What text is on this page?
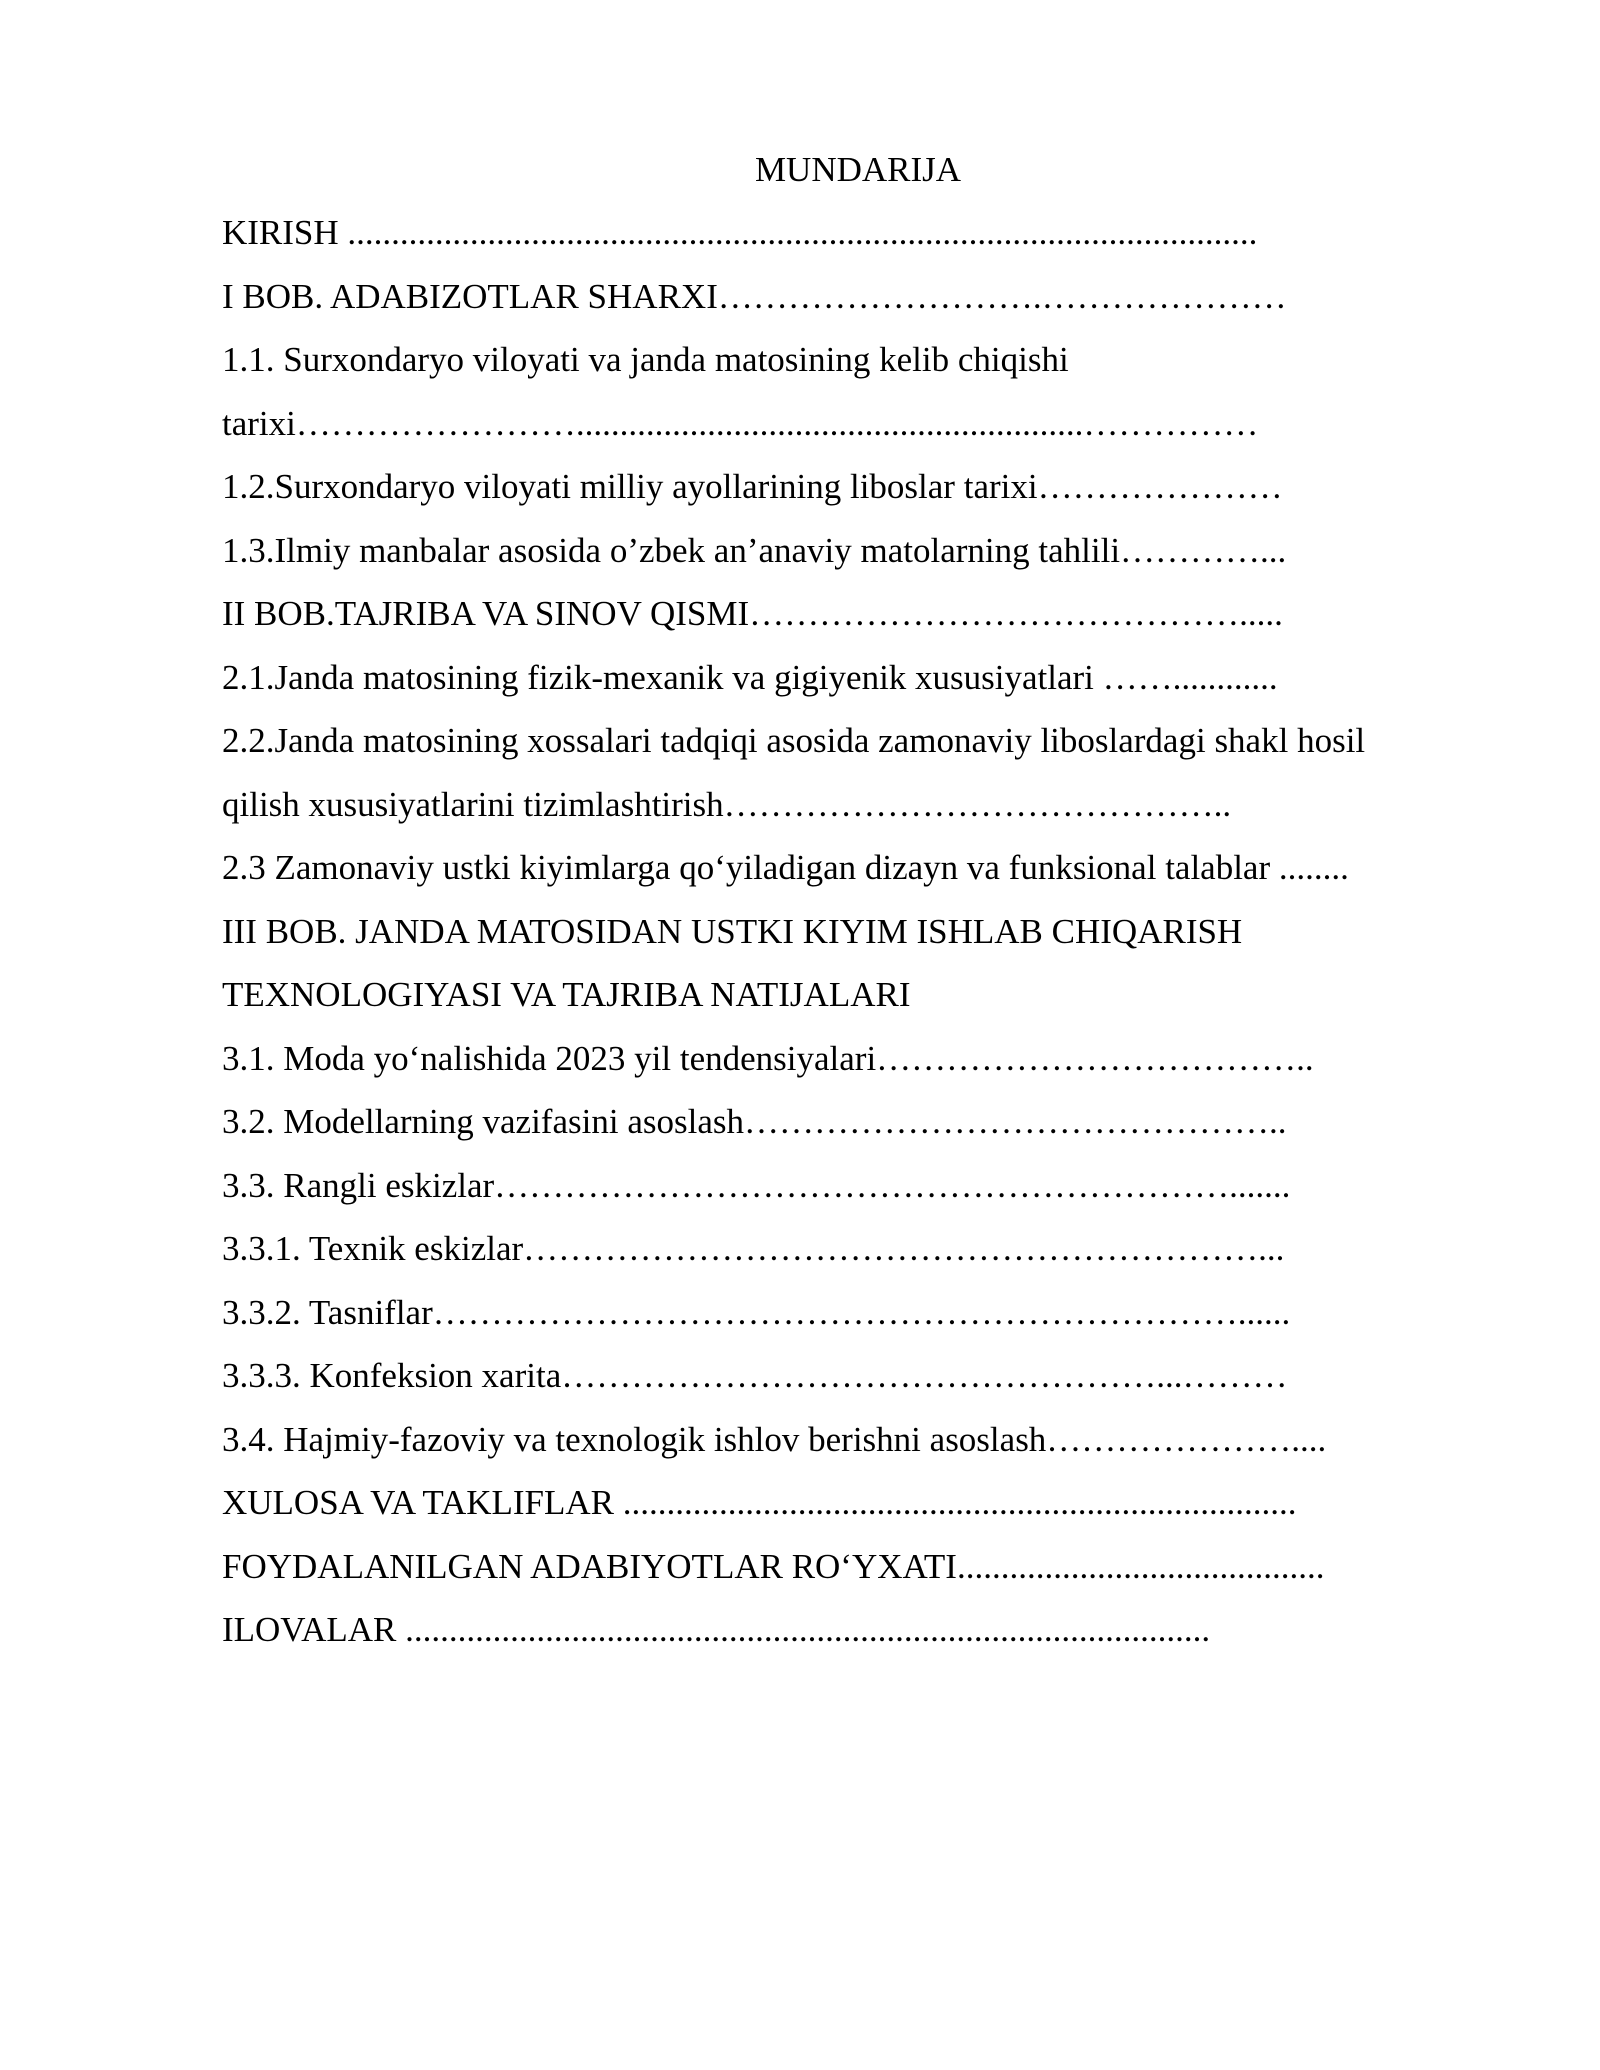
MUNDARIJA
KIRISH ........................................................................................................
I BOB. ADABIZOTLAR SHARXI……………………….…………………
1.1. Surxondaryo viloyati va janda matosining kelib chiqishi
tarixi……………………..........................................................……………
1.2.Surxondaryo viloyati milliy ayollarining liboslar tarixi…………………
1.3.Ilmiy manbalar asosida o’zbek an’anaviy matolarning tahlili…………...
II BOB.TAJRIBA VA SINOV QISMI…………………………………….....
2.1.Janda matosining fizik-mexanik va gigiyenik xususiyatlari ……............
2.2.Janda matosining xossalari tadqiqi asosida zamonaviy liboslardagi shakl hosil
qilish xususiyatlarini tizimlashtirish……………………………………..
2.3 Zamonaviy ustki kiyimlarga qo‘yiladigan dizayn va funksional talablar ........
III BOB. JANDA MATOSIDAN USTKI KIYIM ISHLAB CHIQARISH
TEXNOLOGIYASI VA TAJRIBA NATIJALARI
3.1. Moda yo‘nalishida 2023 yil tendensiyalari………………………………..
3.2. Modellarning vazifasini asoslash………………………………………..
3.3. Rangli eskizlar……………………………………………………….......
3.3.1. Texnik eskizlar………………………………………………………...
3.3.2. Tasniflar……………………………………………………………......
3.3.3. Konfeksion xarita……………………………………………...………
3.4. Hajmiy-fazoviy va texnologik ishlov berishni asoslash…………………....
XULOSA VA TAKLIFLAR .............................................................................
FOYDALANILGAN ADABIYOTLAR RO‘YXATI..........................................
ILOVALAR ............................................................................................
